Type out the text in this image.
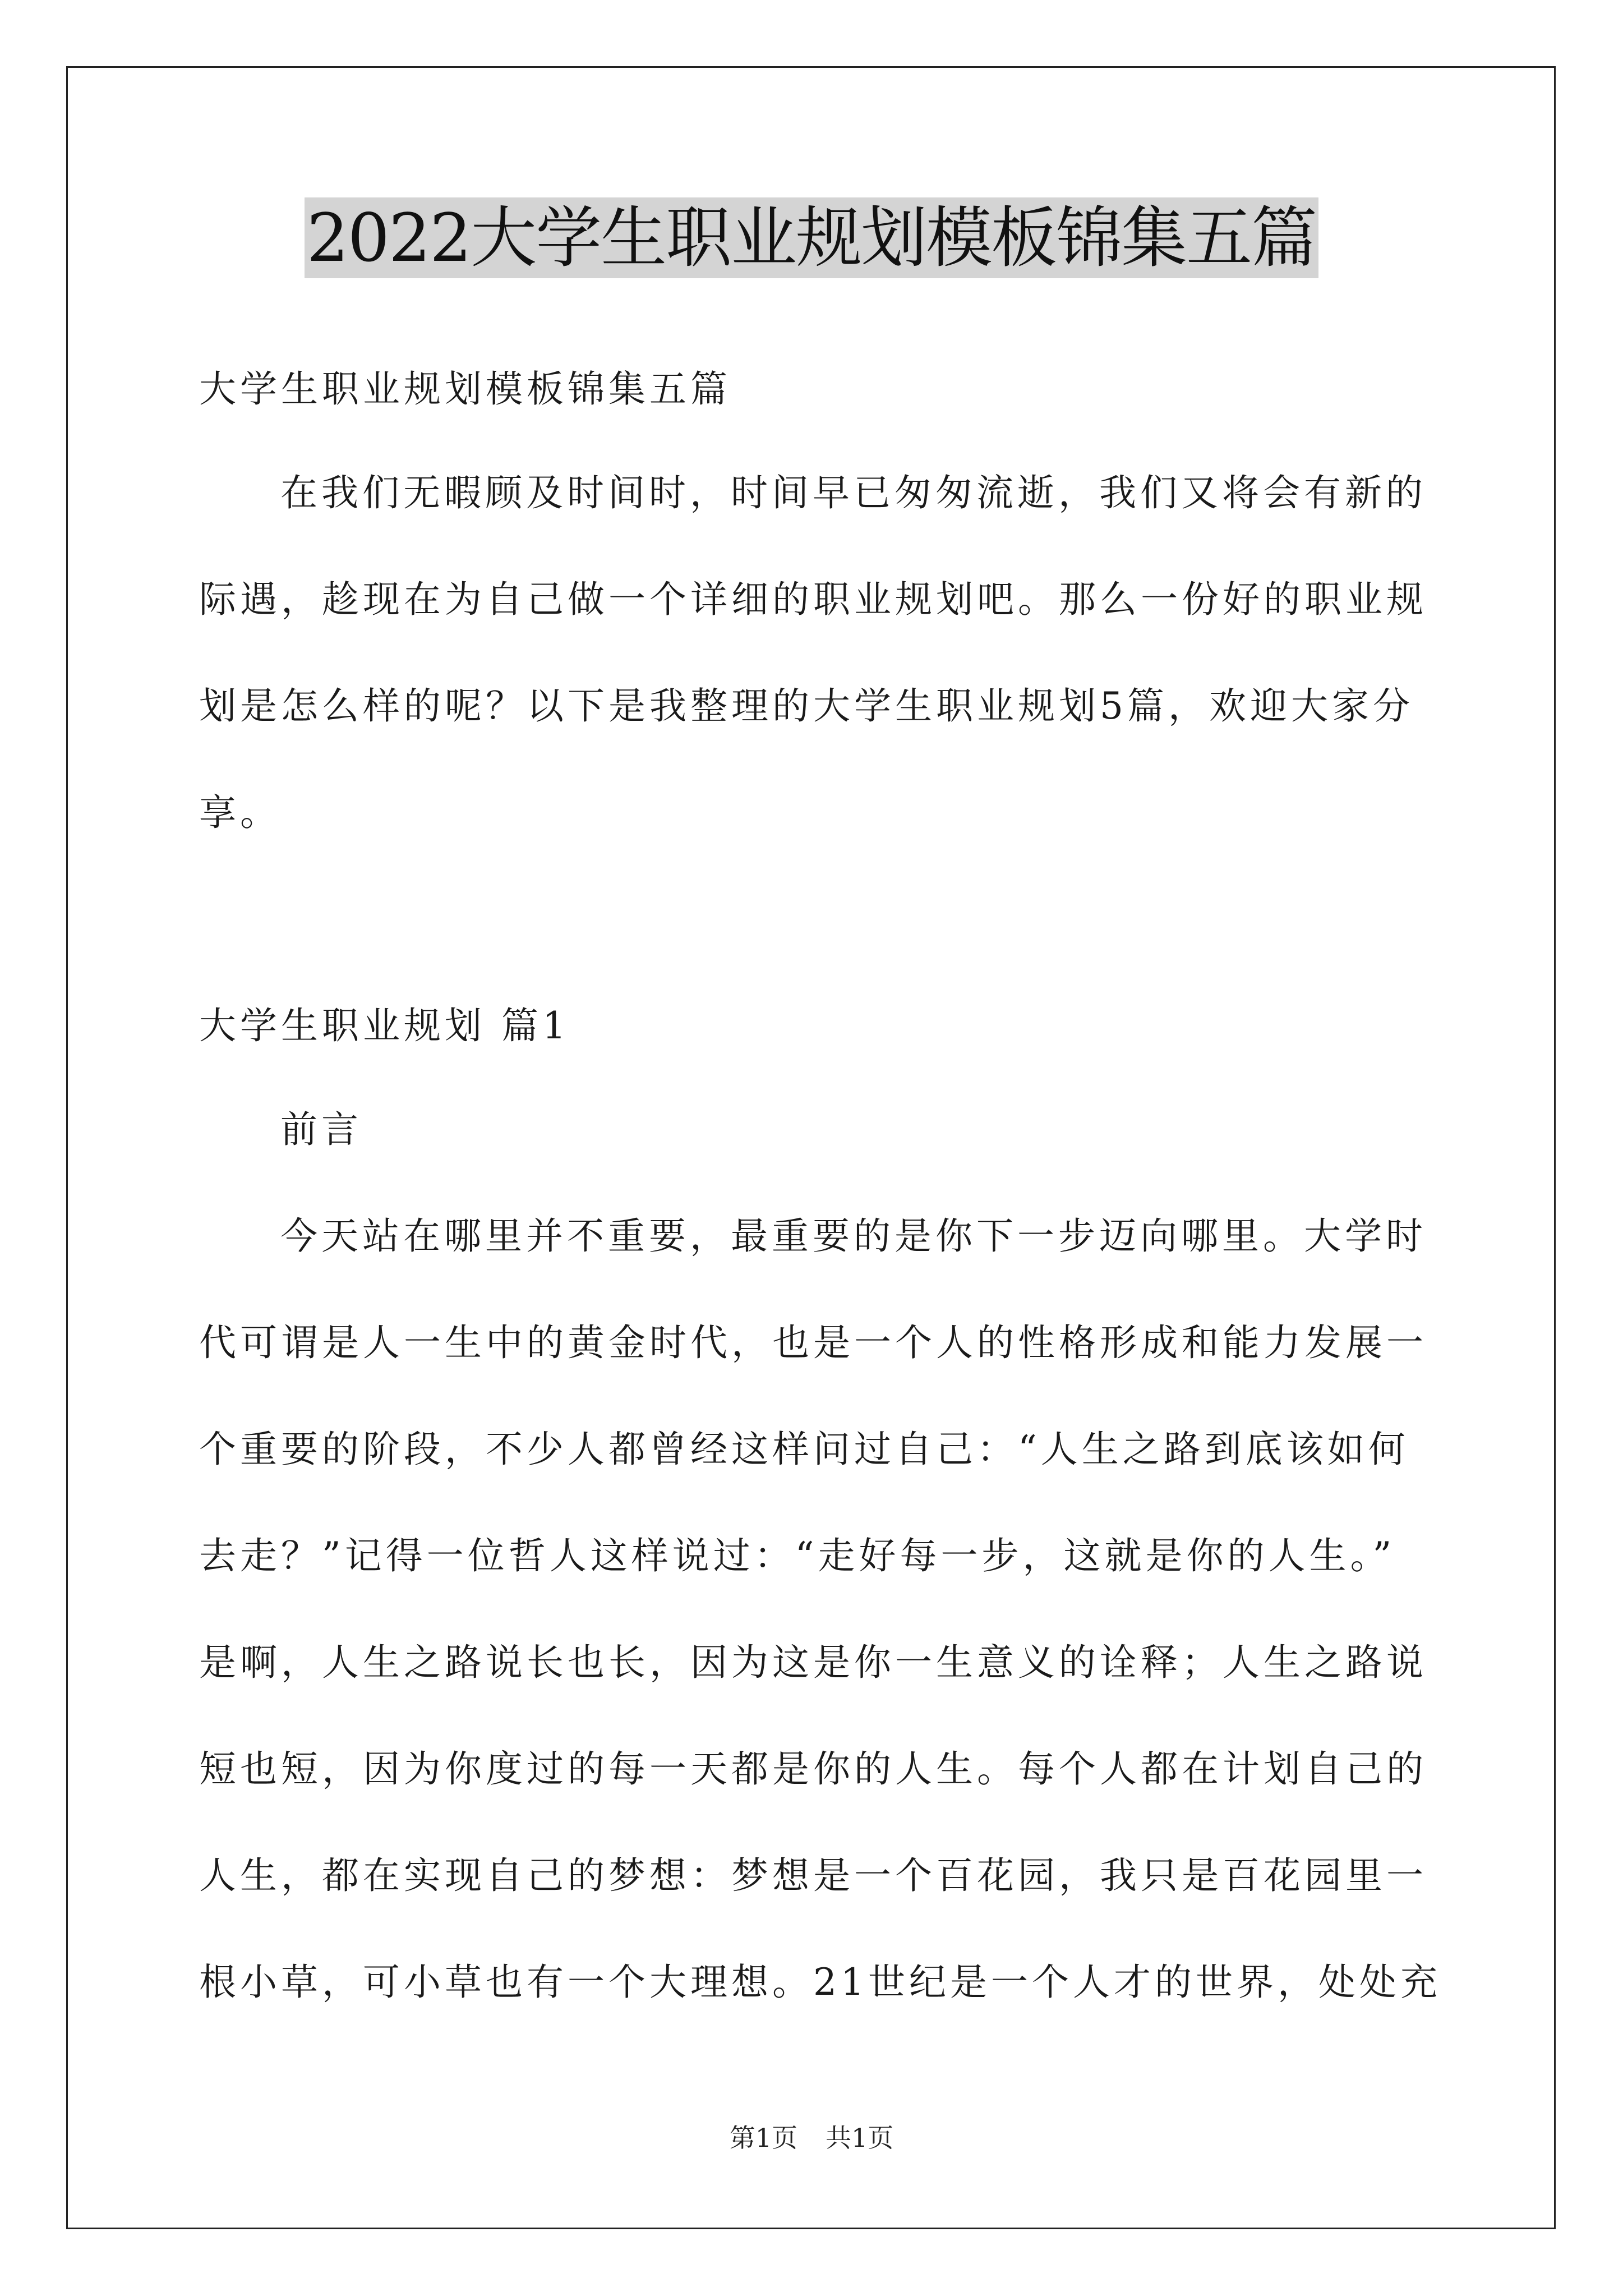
2022大学生职业规划模板锦集五篇
大学生职业规划模板锦集五篇
在我们无暇顾及时间时，时间早已匆匆流逝，我们又将会有新的
际遇，趁现在为自己做一个详细的职业规划吧。那么一份好的职业规
划是怎么样的呢？以下是我整理的大学生职业规划5篇，欢迎大家分
享。
大学生职业规划 篇1
前言
今天站在哪里并不重要，最重要的是你下一步迈向哪里。大学时
代可谓是人一生中的黄金时代，也是一个人的性格形成和能力发展一
个重要的阶段，不少人都曾经这样问过自己：“人生之路到底该如何
去走？”记得一位哲人这样说过：“走好每一步，这就是你的人生。”
是啊，人生之路说长也长，因为这是你一生意义的诠释；人生之路说
短也短，因为你度过的每一天都是你的人生。每个人都在计划自己的
人生，都在实现自己的梦想：梦想是一个百花园，我只是百花园里一
根小草，可小草也有一个大理想。21世纪是一个人才的世界，处处充
第1页 共1页
